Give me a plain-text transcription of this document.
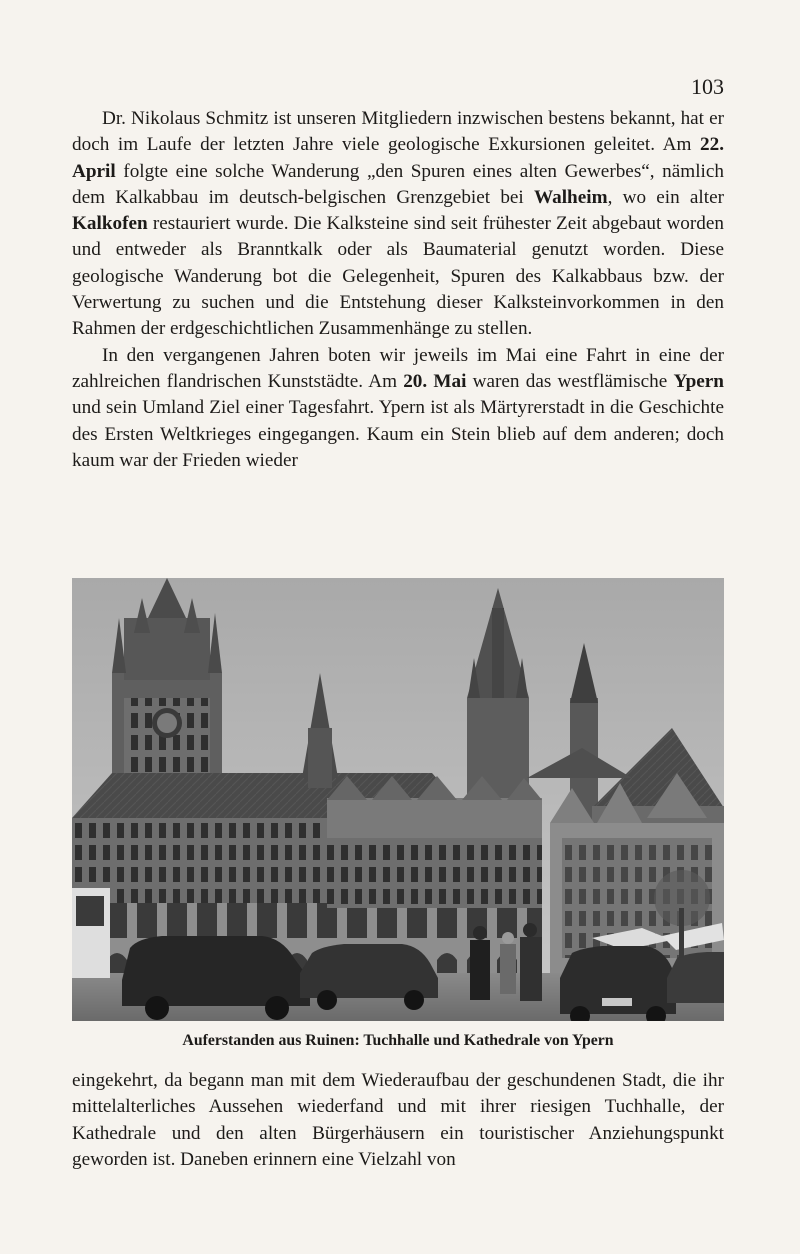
103

Dr. Nikolaus Schmitz ist unseren Mitgliedern inzwischen bestens bekannt, hat er doch im Laufe der letzten Jahre viele geologische Exkursionen geleitet. Am 22. April folgte eine solche Wanderung „den Spuren eines alten Gewerbes“, nämlich dem Kalkabbau im deutsch-belgischen Grenzgebiet bei Walheim, wo ein alter Kalkofen restauriert wurde. Die Kalksteine sind seit frühester Zeit abgebaut worden und entweder als Branntkalk oder als Baumaterial genutzt worden. Diese geologische Wanderung bot die Gelegenheit, Spuren des Kalkabbaus bzw. der Verwertung zu suchen und die Entstehung dieser Kalksteinvorkommen in den Rahmen der erdgeschichtlichen Zusammenhänge zu stellen.

In den vergangenen Jahren boten wir jeweils im Mai eine Fahrt in eine der zahlreichen flandrischen Kunststädte. Am 20. Mai waren das westflämische Ypern und sein Umland Ziel einer Tagesfahrt. Ypern ist als Märtyrerstadt in die Geschichte des Ersten Weltkrieges eingegangen. Kaum ein Stein blieb auf dem anderen; doch kaum war der Frieden wieder

Auferstanden aus Ruinen: Tuchhalle und Kathedrale von Ypern

eingekehrt, da begann man mit dem Wiederaufbau der geschundenen Stadt, die ihr mittelalterliches Aussehen wiederfand und mit ihrer riesigen Tuchhalle, der Kathedrale und den alten Bürgerhäusern ein touristischer Anziehungspunkt geworden ist. Daneben erinnern eine Vielzahl von
